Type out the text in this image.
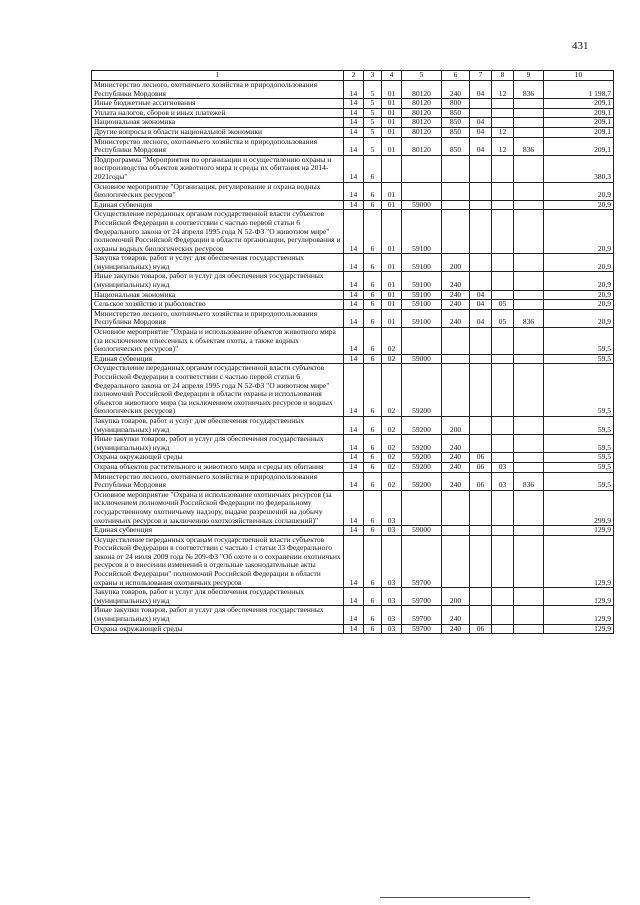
431
1	2	3	4	5	6	7	8	9	10
Министерство лесного, охотничьего хозяйства и природопользования Республики Мордовия	14	5	01	80120	240	04	12	836	1 198,7
Иные бюджетные ассигнования	14	5	01	80120	800				209,1
Уплата налогов, сборов и иных платежей	14	5	01	80120	850				209,1
Национальная экономика	14	5	01	80120	850	04			209,1
Другие вопросы в области национальной экономики	14	5	01	80120	850	04	12		209,1
Министерство лесного, охотничьего хозяйства и природопользования Республики Мордовия	14	5	01	80120	850	04	12	836	209,1
Подпрограмма "Мероприятия по организации и осуществлению охраны и воспроизводства объектов животного мира и среды их обитания на 2014-2021годы"	14	6							380,3
Основное мероприятие "Организация, регулирование и охрана водных биологических ресурсов"	14	6	01						20,9
Единая субвенция	14	6	01	59000					20,9
Осуществление переданных органам государственной власти субъектов Российской Федерации в соответствии с частью первой статьи 6 Федерального закона от 24 апреля 1995 года N 52-ФЗ "О животном мире" полномочий Российской Федерации в области организации, регулирования и охраны водных биологических ресурсов	14	6	01	59100					20,9
Закупка товаров, работ и услуг для обеспечения государственных (муниципальных) нужд	14	6	01	59100	200				20,9
Иные закупки товаров, работ и услуг для обеспечения государственных (муниципальных) нужд	14	6	01	59100	240				20,9
Национальная экономика	14	6	01	59100	240	04			20,9
Сельское хозяйство и рыболовство	14	6	01	59100	240	04	05		20,9
Министерство лесного, охотничьего хозяйства и природопользования Республики Мордовия	14	6	01	59100	240	04	05	836	20,9
Основное мероприятие "Охрана и использование объектов животного мира (за исключением отнесенных к объектам охоты, а также водных биологических ресурсов)"	14	6	02						59,5
Единая субвенция	14	6	02	59000					59,5
Осуществление переданных органам государственной власти субъектов Российской Федерации в соответствии с частью первой статьи 6 Федерального закона от 24 апреля 1995 года N 52-ФЗ "О животном мире" полномочий Российской Федерации в области охраны и использования объектов животного мира (за исключением охотничьих ресурсов и водных биологических ресурсов)	14	6	02	59200					59,5
Закупка товаров, работ и услуг для обеспечения государственных (муниципальных) нужд	14	6	02	59200	200				59,5
Иные закупки товаров, работ и услуг для обеспечения государственных (муниципальных) нужд	14	6	02	59200	240				59,5
Охрана окружающей среды	14	6	02	59200	240	06			59,5
Охрана объектов растительного и животного мира и среды их обитания	14	6	02	59200	240	06	03		59,5
Министерство лесного, охотничьего хозяйства и природопользования Республики Мордовия	14	6	02	59200	240	06	03	836	59,5
Основное мероприятие "Охрана и использование охотничьих ресурсов (за исключением полномочий Российской Федерации по федеральному государственному охотничьему надзору, выдаче разрешений на добычу охотничьих ресурсов и заключению охотхозяйственных соглашений)"	14	6	03						299,9
Единая субвенция	14	6	03	59000					129,9
Осуществление переданных органам государственной власти субъектов Российской Федерации в соответствии с частью 1 статьи 33 Федерального закона от 24 июля 2009 года № 209-ФЗ "Об охоте и о сохранении охотничьих ресурсов и о внесении изменений в отдельные законодательные акты Российской Федерации" полномочий Российской Федерации в области охраны и использования охотничьих ресурсов	14	6	03	59700					129,9
Закупка товаров, работ и услуг для обеспечения государственных (муниципальных) нужд	14	6	03	59700	200				129,9
Иные закупки товаров, работ и услуг для обеспечения государственных (муниципальных) нужд	14	6	03	59700	240				129,9
Охрана окружающей среды	14	6	03	59700	240	06			129,9
